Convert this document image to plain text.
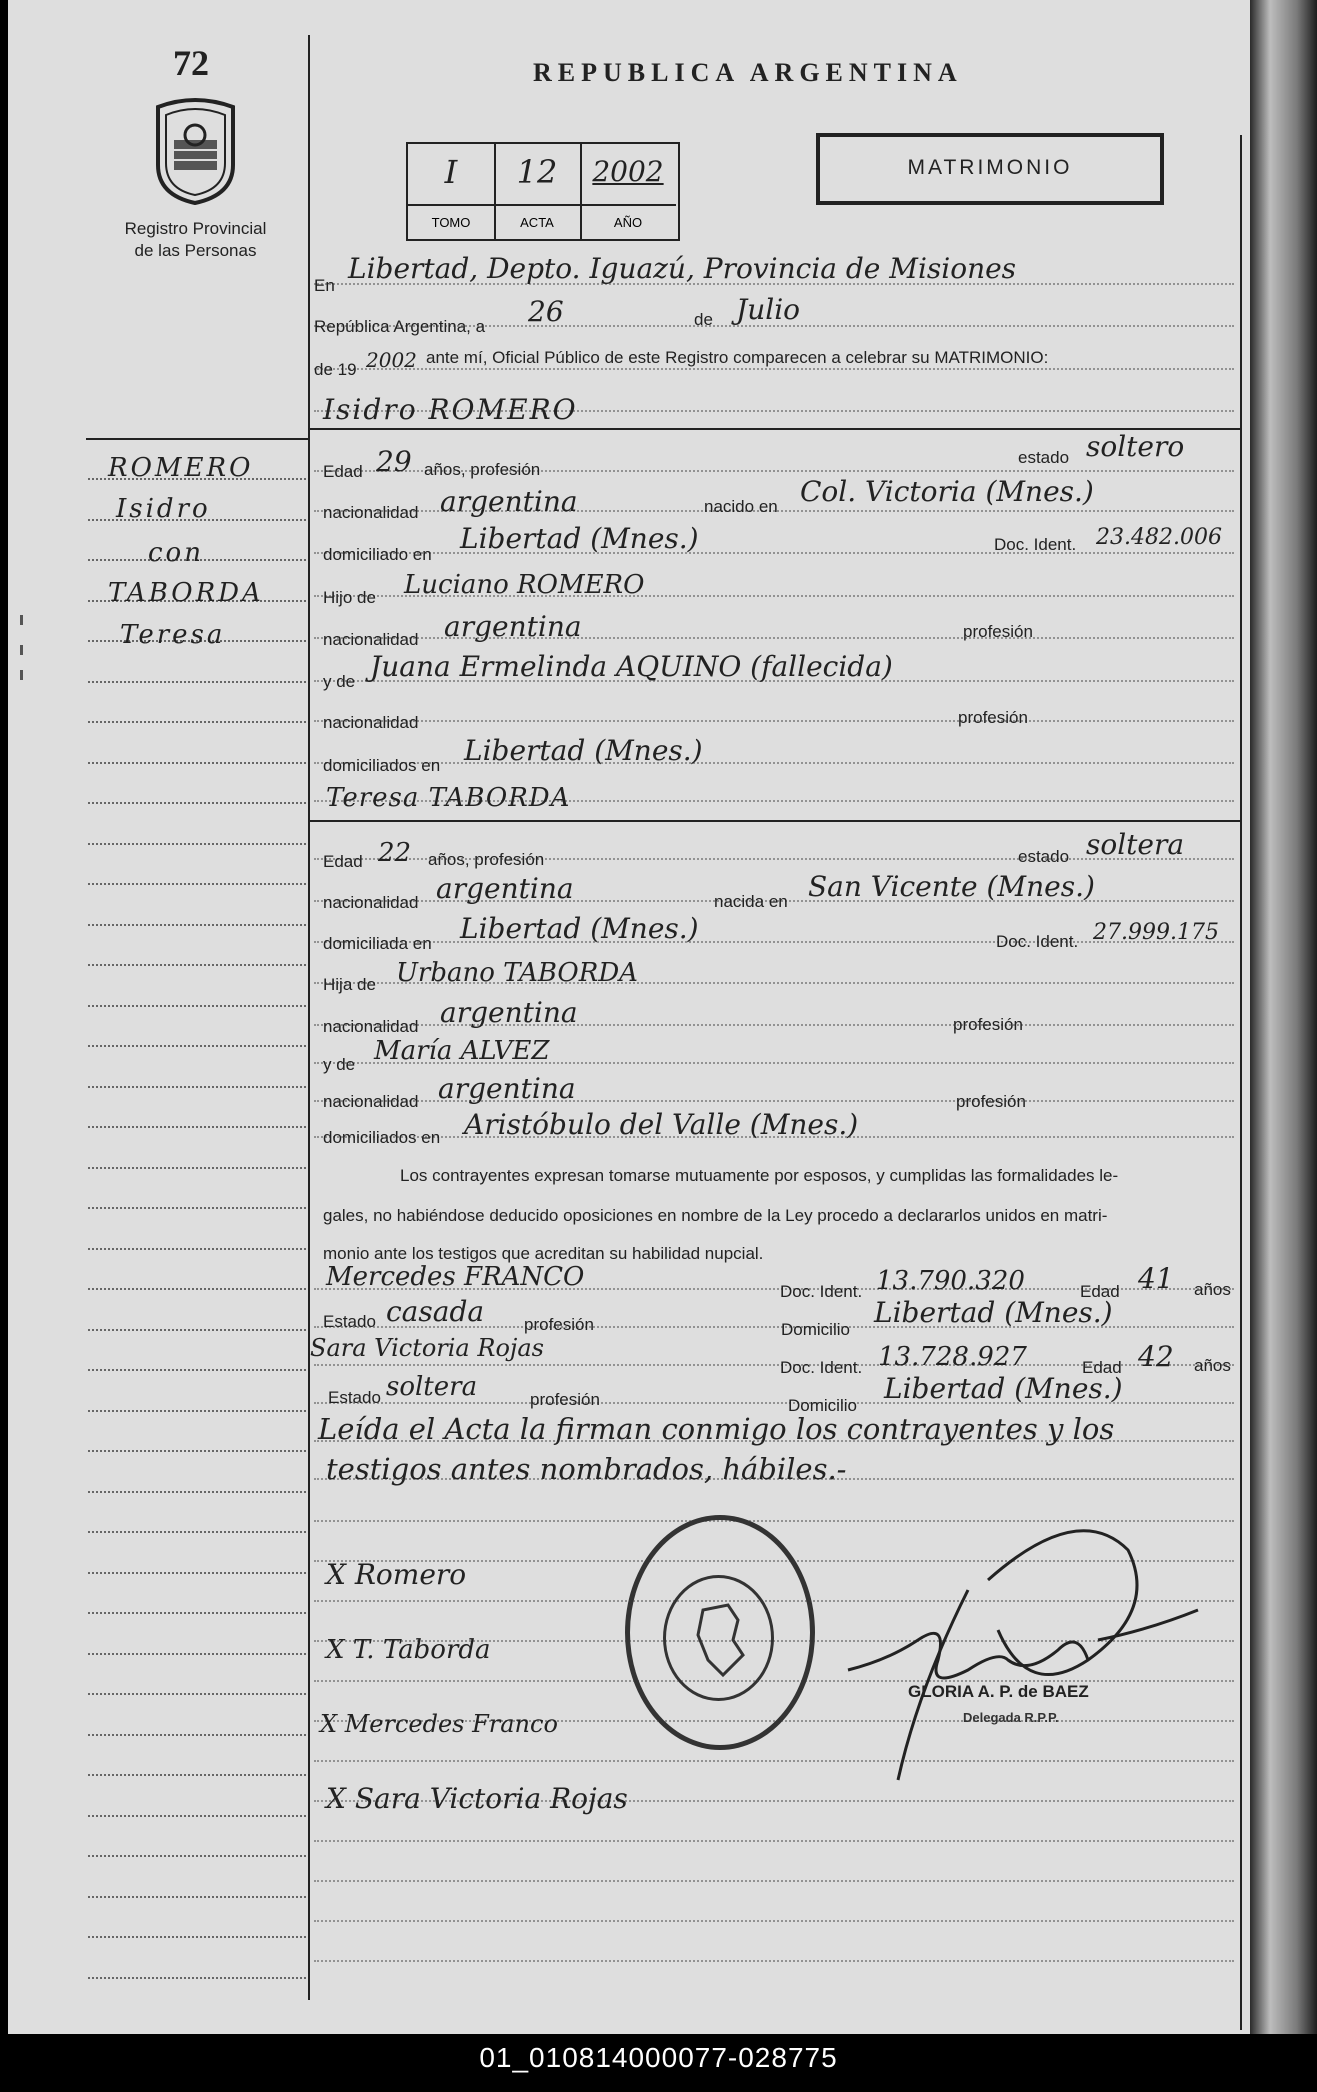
72
Registro Provincial
de las Personas
REPUBLICA ARGENTINA
I	12	2002
TOMO	ACTA	AÑO
MATRIMONIO
ROMERO
Isidro
con
TABORDA
Teresa
En
Libertad, Depto. Iguazú, Provincia de Misiones
República Argentina, a 26	de Julio
de 19 2002 ante mí, Oficial Público de este Registro comparecen a celebrar su MATRIMONIO:
Isidro ROMERO
Edad 29 años, profesión
estado soltero
nacionalidad argentina	nacido en Col. Victoria (Mnes.)
domiciliado en Libertad (Mnes.)	Doc. Ident. 23.482.006
Hijo de Luciano ROMERO
nacionalidad argentina	profesión
y de Juana Ermelinda AQUINO (fallecida)
nacionalidad	profesión
domiciliados en Libertad (Mnes.)
Teresa TABORDA
Edad 22 años, profesión	estado soltera
nacionalidad argentina	nacida en San Vicente (Mnes.)
domiciliada en Libertad (Mnes.)	Doc. Ident. 27.999.175
Hija de Urbano TABORDA
nacionalidad argentina	profesión
y de María ALVEZ
nacionalidad argentina	profesión
domiciliados en Aristóbulo del Valle (Mnes.)
Los contrayentes expresan tomarse mutuamente por esposos, y cumplidas las formalidades le-
gales, no habiéndose deducido oposiciones en nombre de la Ley procedo a declararlos unidos en matri-
monio ante los testigos que acreditan su habilidad nupcial.
Mercedes FRANCO	Doc. Ident. 13.790.320	Edad 41 años
Estado casada profesión	Domicilio
Libertad (Mnes.)
Sara Victoria Rojas
Doc. Ident. 13.728.927	Edad 42 años
Estado soltera	profesión	Domicilio
Libertad (Mnes.)
Leída el Acta la firman conmigo los contrayentes y los
testigos antes nombrados, hábiles.-
X Romero
X T. Taborda
X Mercedes Franco
X Sara Victoria Rojas
GLORIA A. P. de BAEZ
Delegada R.P.P.
01_010814000077-028775
